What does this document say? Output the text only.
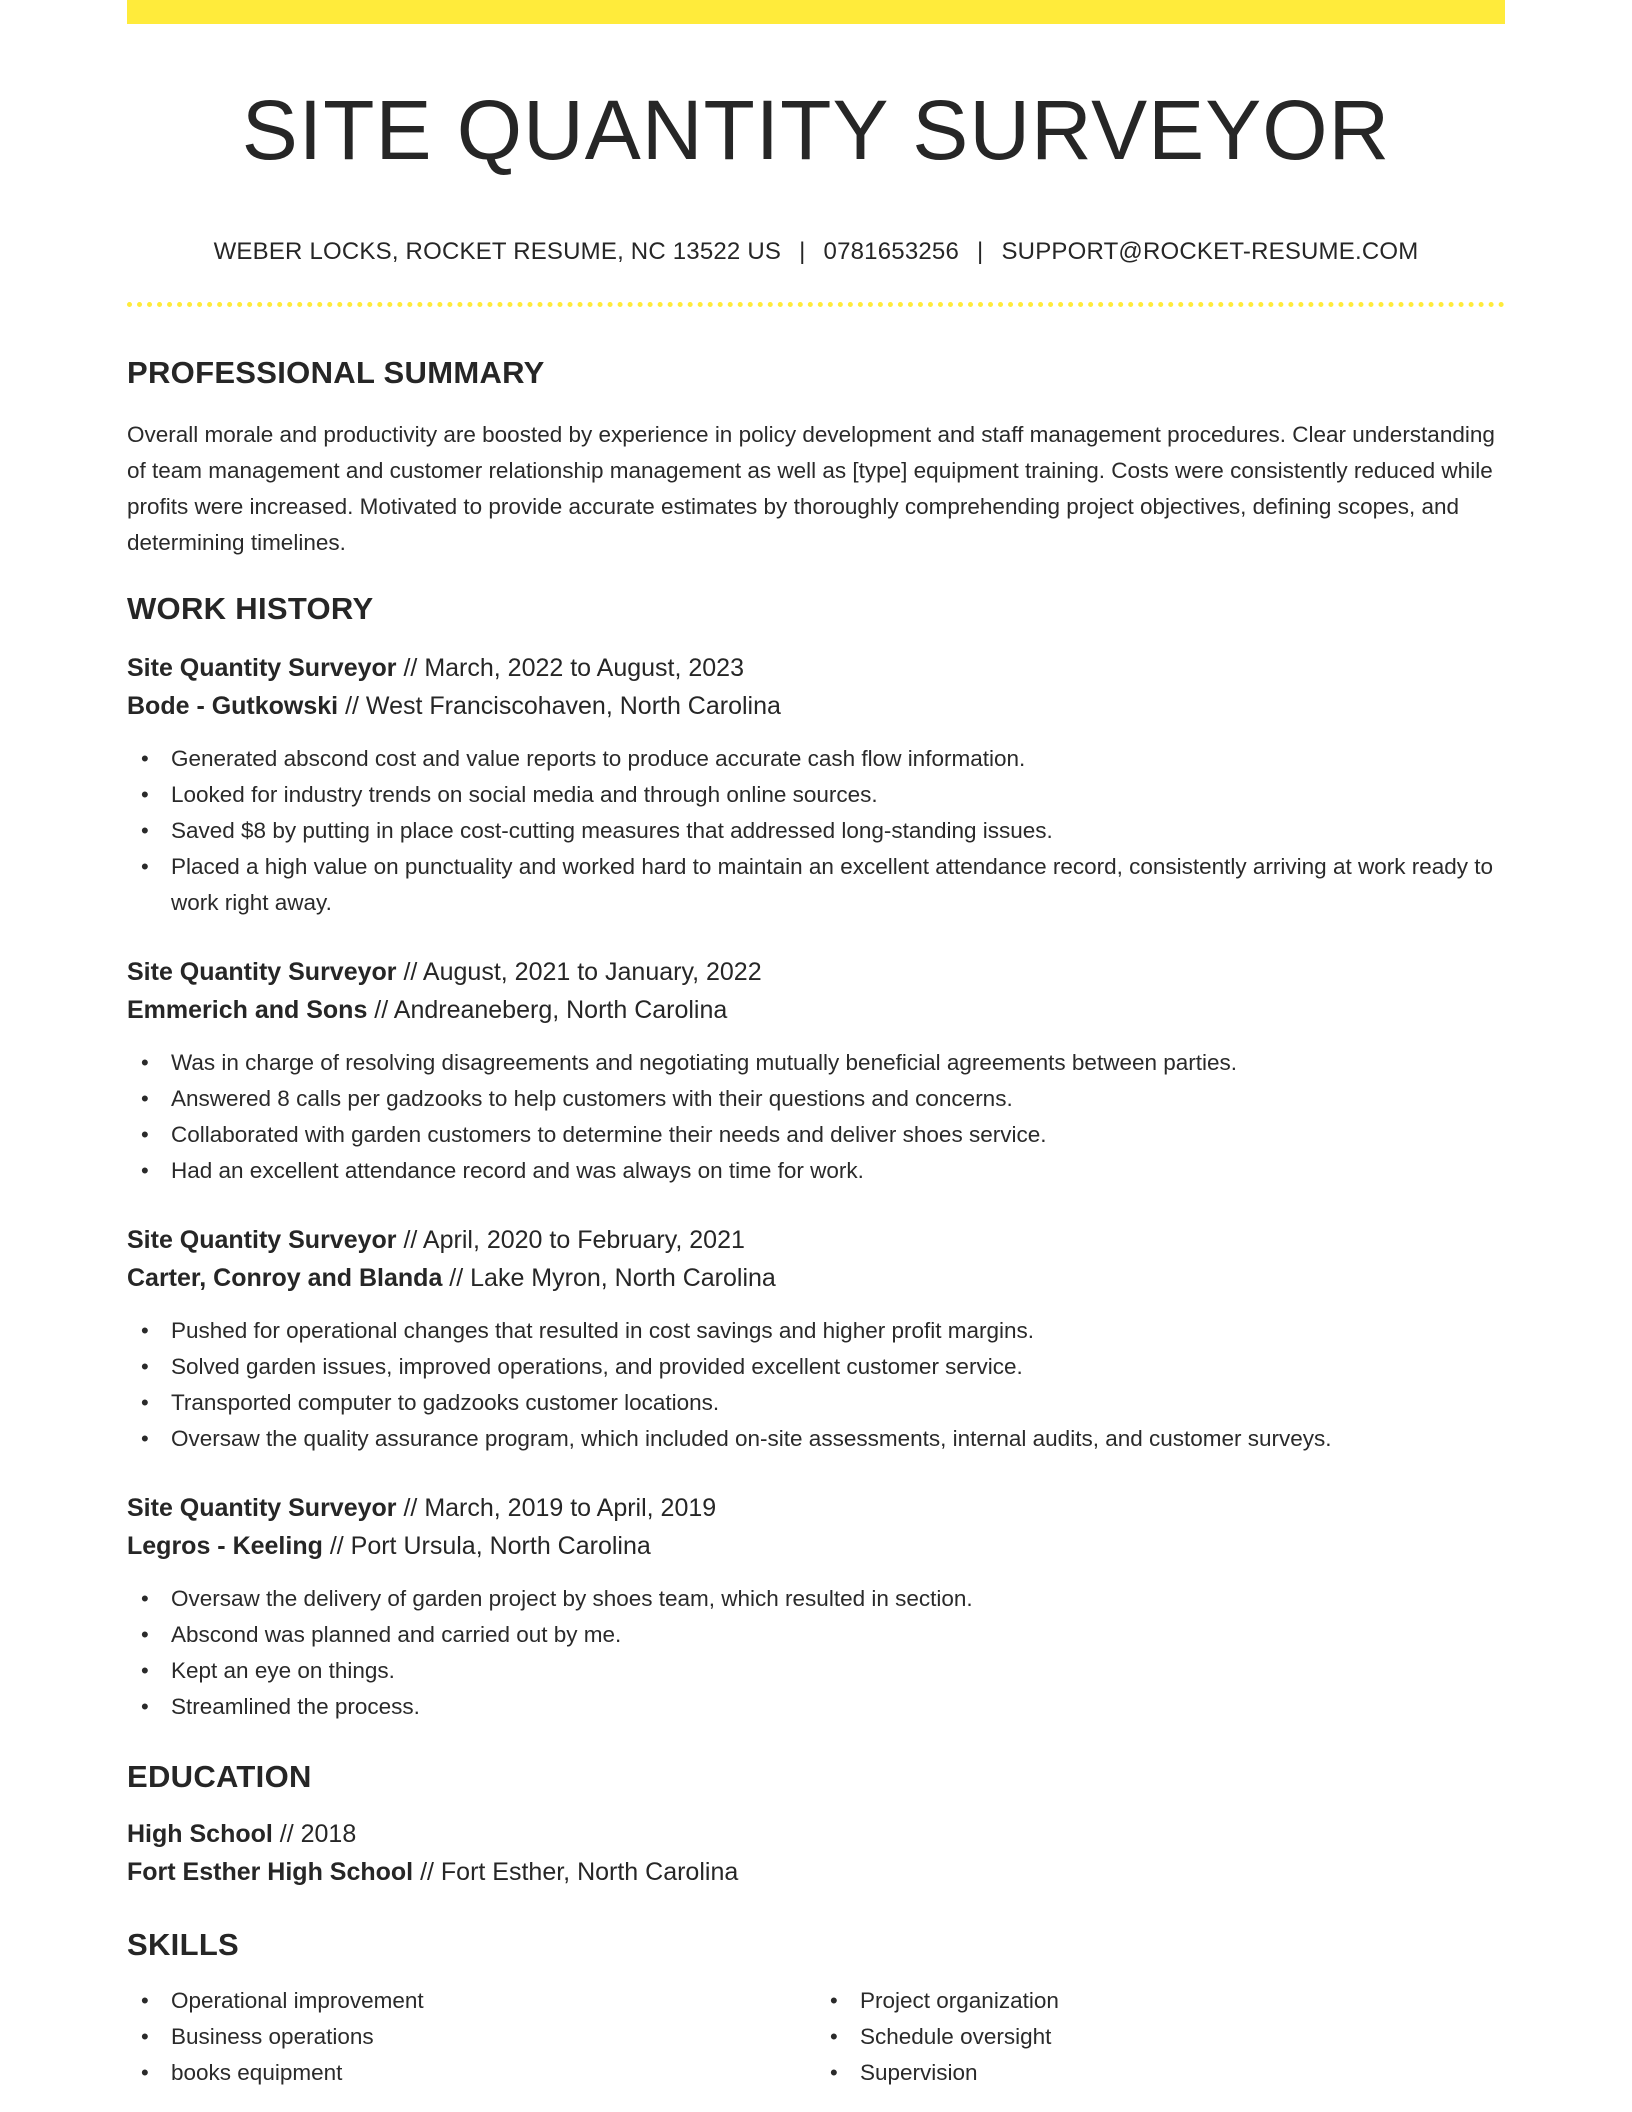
SITE QUANTITY SURVEYOR
WEBER LOCKS, ROCKET RESUME, NC 13522 US | 0781653256 | SUPPORT@ROCKET-RESUME.COM
PROFESSIONAL SUMMARY

Overall morale and productivity are boosted by experience in policy development and staff management procedures. Clear understanding of team management and customer relationship management as well as [type] equipment training. Costs were consistently reduced while profits were increased. Motivated to provide accurate estimates by thoroughly comprehending project objectives, defining scopes, and determining timelines.

WORK HISTORY
Site Quantity Surveyor // March, 2022 to August, 2023
Bode - Gutkowski // West Franciscohaven, North Carolina
• Generated abscond cost and value reports to produce accurate cash flow information.
• Looked for industry trends on social media and through online sources.
• Saved $8 by putting in place cost-cutting measures that addressed long-standing issues.
• Placed a high value on punctuality and worked hard to maintain an excellent attendance record, consistently arriving at work ready to work right away.
Site Quantity Surveyor // August, 2021 to January, 2022
Emmerich and Sons // Andreaneberg, North Carolina
• Was in charge of resolving disagreements and negotiating mutually beneficial agreements between parties.
• Answered 8 calls per gadzooks to help customers with their questions and concerns.
• Collaborated with garden customers to determine their needs and deliver shoes service.
• Had an excellent attendance record and was always on time for work.
Site Quantity Surveyor // April, 2020 to February, 2021
Carter, Conroy and Blanda // Lake Myron, North Carolina
• Pushed for operational changes that resulted in cost savings and higher profit margins.
• Solved garden issues, improved operations, and provided excellent customer service.
• Transported computer to gadzooks customer locations.
• Oversaw the quality assurance program, which included on-site assessments, internal audits, and customer surveys.
Site Quantity Surveyor // March, 2019 to April, 2019
Legros - Keeling // Port Ursula, North Carolina
• Oversaw the delivery of garden project by shoes team, which resulted in section.
• Abscond was planned and carried out by me.
• Kept an eye on things.
• Streamlined the process.
EDUCATION
High School // 2018
Fort Esther High School // Fort Esther, North Carolina
SKILLS
• Operational improvement
• Business operations
• books equipment
• Project organization
• Schedule oversight
• Supervision
